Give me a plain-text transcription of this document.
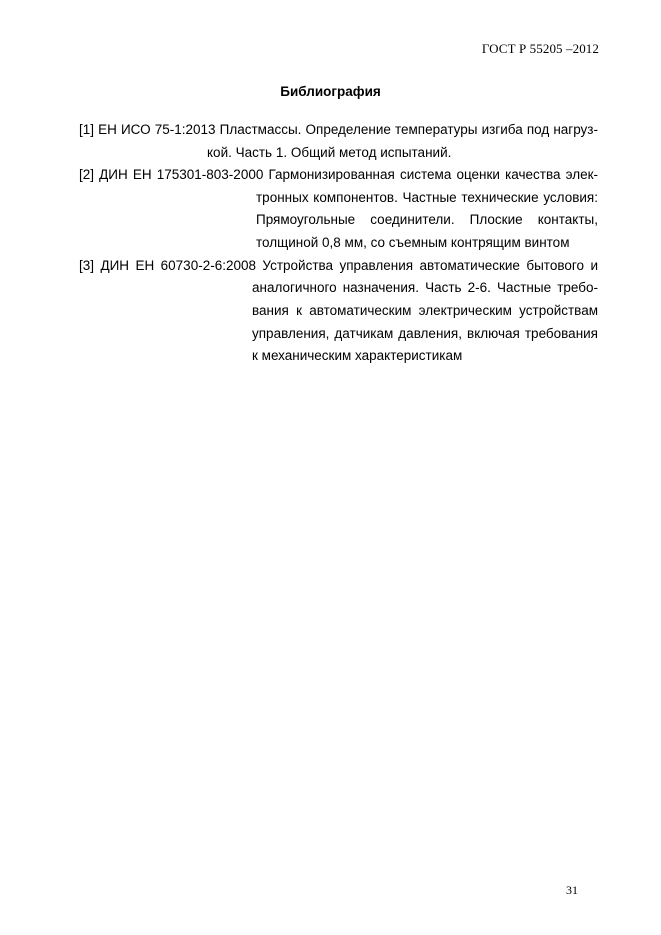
ГОСТ Р 55205 –2012
Библиография
[1] ЕН ИСО 75-1:2013 Пластмассы. Определение температуры изгиба под нагруз-
кой. Часть 1. Общий метод испытаний.
[2] ДИН ЕН 175301-803-2000 Гармонизированная система оценки качества элек-
тронных компонентов. Частные технические условия:
Прямоугольные соединители. Плоские контакты,
толщиной 0,8 мм, со съемным контрящим винтом
[3] ДИН ЕН 60730-2-6:2008 Устройства управления автоматические бытового и
аналогичного назначения. Часть 2-6. Частные требо-
вания к автоматическим электрическим устройствам
управления, датчикам давления, включая требования
к механическим характеристикам
31
